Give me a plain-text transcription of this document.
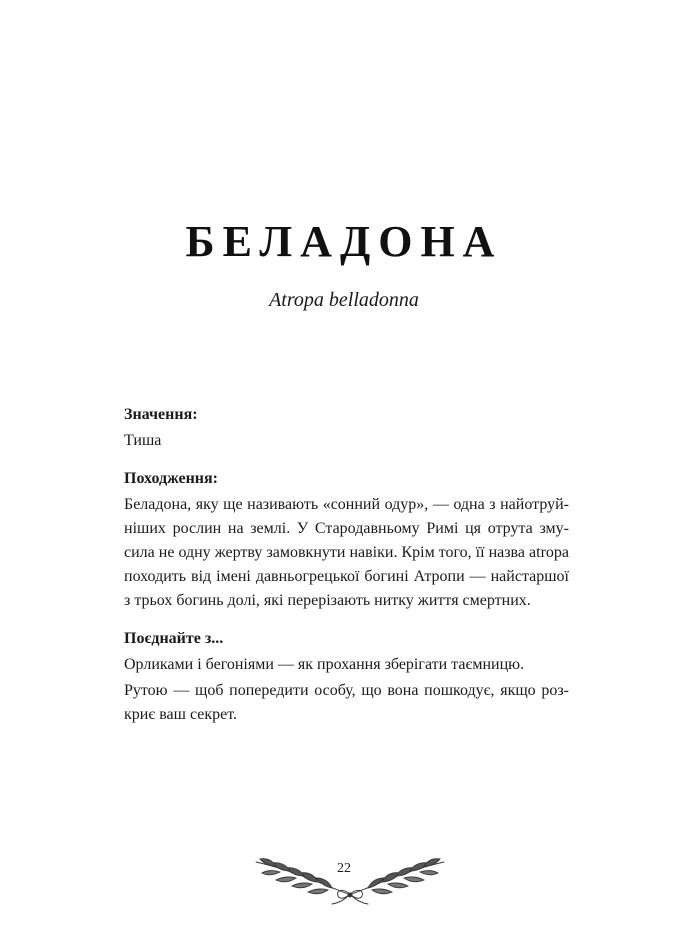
БЕЛАДОНА
Atropa belladonna
Значення:

Тиша

Походження:

Беладона, яку ще називають «сонний одур», — одна з найотруй-
ніших рослин на землі. У Стародавньому Римі ця отрута зму-
сила не одну жертву замовкнути навіки. Крім того, її назва atropa
походить від імені давньогрецької богині Атропи — найстаршої
з трьох богинь долі, які перерізають нитку життя смертних.

Поєднайте з...

Орликами і бегоніями — як прохання зберігати таємницю.

Рутою — щоб попередити особу, що вона пошкодує, якщо роз-
криє ваш секрет.

22
